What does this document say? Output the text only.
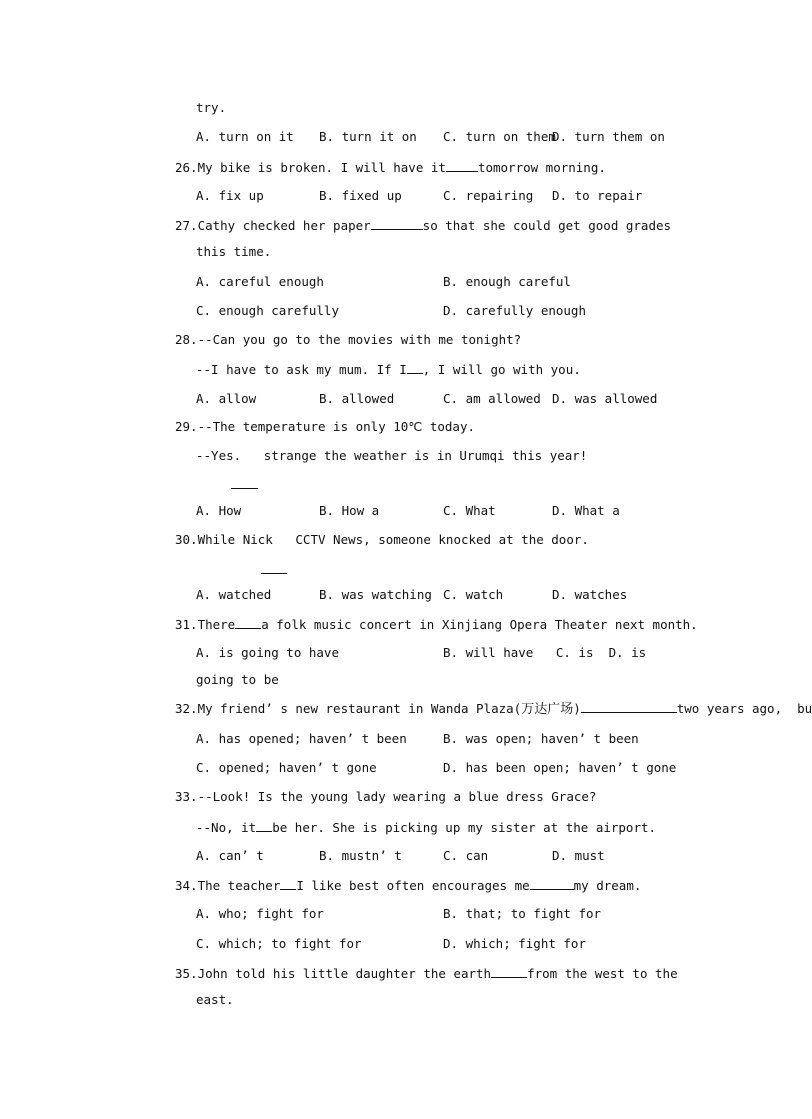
try.
A. turn on it B. turn it on C. turn on them
D. turn them on
26.My bike is broken. I will have it	tomorrow morning.
A. fix up	B. fixed up	C. repairing D. to repair
27.Cathy checked her paper	so that she could get good grades
this time.
A. careful enough	B. enough careful
C. enough carefully	D. carefully enough
28.--Can you go to the movies with me tonight?
--I have to ask my mum. If I , I will go with you.
A. allow	B. allowed	C. am allowed D. was allowed
29.--The temperature is only 10℃ today.
--Yes.   strange the weather is in Urumqi this year!
A. How	B. How a	C. What	D. What a
30.While Nick   CCTV News, someone knocked at the door.
A. watched	B. was watching C. watch	D. watches
31.There a folk music concert in Xinjiang Opera Theater next month.
A. is going to have	B. will have   C. is  D. is
going to be
32.My friend’ s new restaurant in Wanda Plaza(万达广场)	two years ago,  bu
A. has opened; haven’ t been	B. was open; haven’ t been
C. opened; haven’ t gone	D. has been open; haven’ t gone
33.--Look! Is the young lady wearing a blue dress Grace?
--No, it be her. She is picking up my sister at the airport.
A. can’ t	B. mustn’ t	C. can	D. must
34.The teacher I like best often encourages me	my dream.
A. who; fight for	B. that; to fight for
C. which; to fight for	D. which; fight for
35.John told his little daughter the earth	from the west to the
east.
